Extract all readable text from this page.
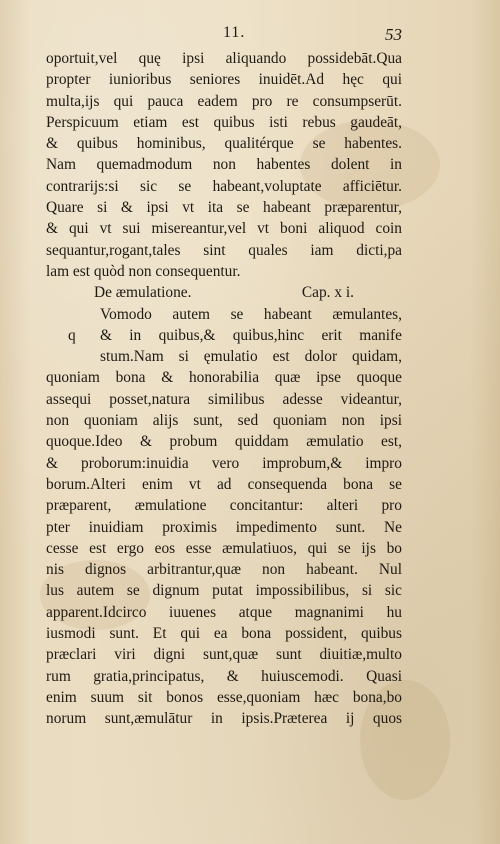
11.	53
oportuit,vel quę ipsi aliquando possidebāt.Qua
propter iunioribus seniores inuidēt.Ad hęc qui
multa,ijs qui pauca eadem pro re consumpserūt.
Perspicuum etiam est quibus isti rebus gaudeāt,
& quibus hominibus, qualitérque se habentes.
Nam quemadmodum non habentes dolent in
contrarijs:si sic se habeant,voluptate afficiētur.
Quare si & ipsi vt ita se habeant præparentur,
& qui vt sui misereantur,vel vt boni aliquod coin
sequantur,rogant,tales sint quales iam dicti,pa
lam est quòd non consequentur.
De æmulatione.	Cap. x i.
q
Vomodo autem se habeant æmulantes,
& in quibus,& quibus,hinc erit manife
stum.Nam si ęmulatio est dolor quidam,
quoniam bona & honorabilia quæ ipse quoque
assequi posset,natura similibus adesse videantur,
non quoniam alijs sunt, sed quoniam non ipsi
quoque.Ideo & probum quiddam æmulatio est,
& proborum:inuidia vero improbum,& impro
borum.Alteri enim vt ad consequenda bona se
præparent, æmulatione concitantur: alteri pro
pter inuidiam proximis impedimento sunt. Ne
cesse est ergo eos esse æmulatiuos, qui se ijs bo
nis dignos arbitrantur,quæ non habeant. Nul
lus autem se dignum putat impossibilibus, si sic
apparent.Idcirco iuuenes atque magnanimi hu
iusmodi sunt. Et qui ea bona possident, quibus
præclari viri digni sunt,quæ sunt diuitiæ,multo
rum gratia,principatus, & huiuscemodi. Quasi
enim suum sit bonos esse,quoniam hæc bona,bo
norum sunt,æmulātur in ipsis.Præterea ij quos
